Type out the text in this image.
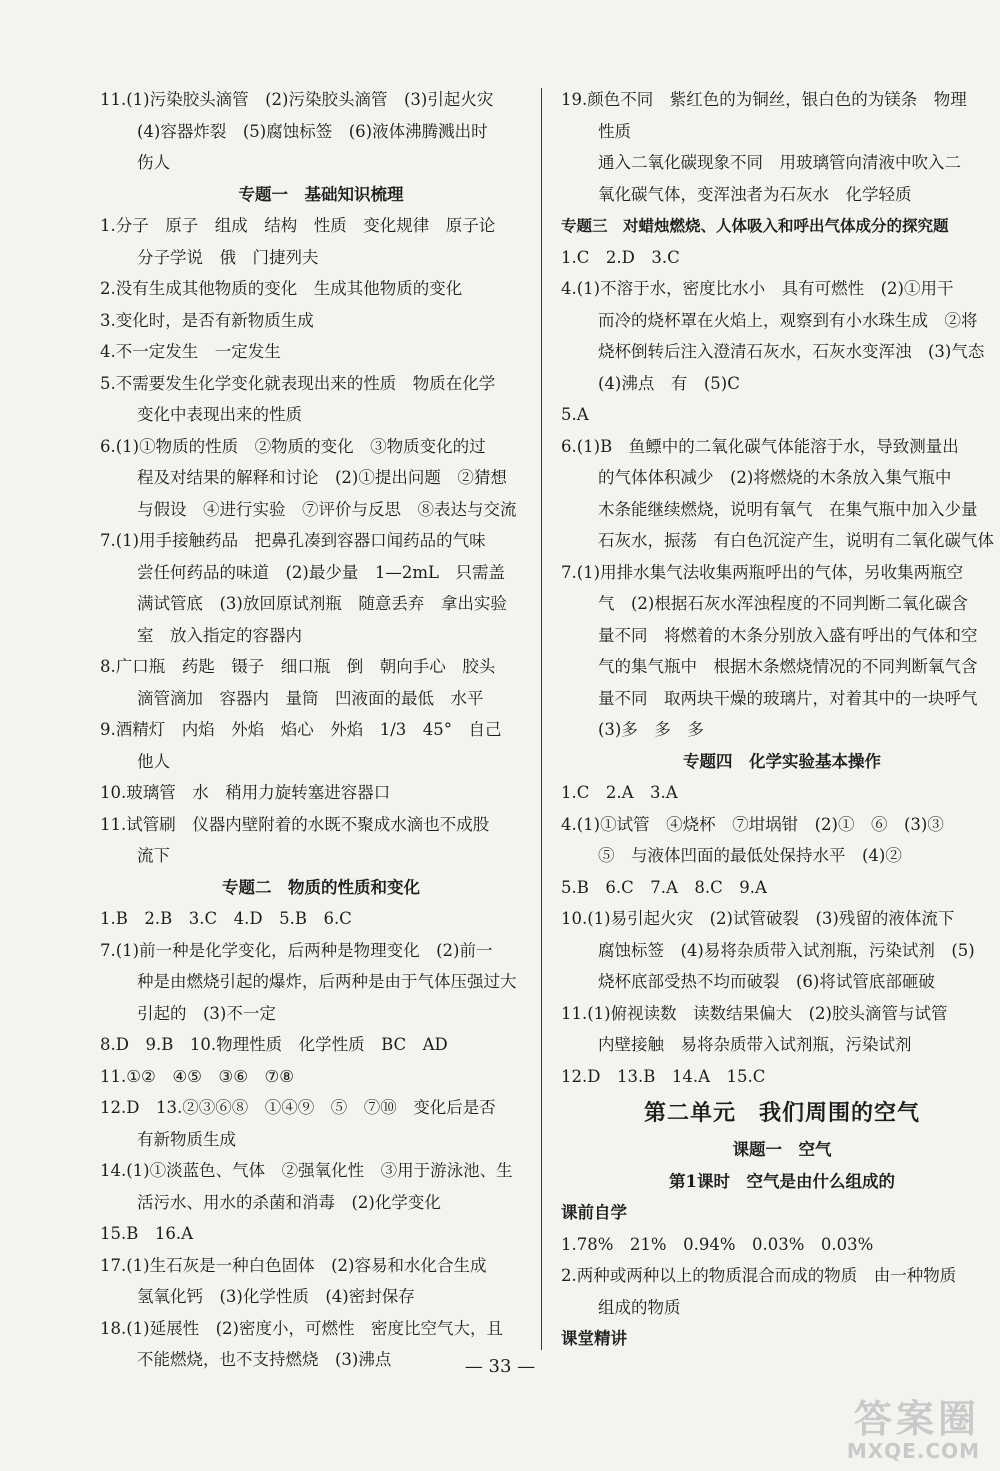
11.(1)污染胶头滴管　(2)污染胶头滴管　(3)引起火灾
(4)容器炸裂　(5)腐蚀标签　(6)液体沸腾溅出时
伤人
专题一　基础知识梳理
1.分子　原子　组成　结构　性质　变化规律　原子论
分子学说　俄　门捷列夫
2.没有生成其他物质的变化　生成其他物质的变化
3.变化时，是否有新物质生成
4.不一定发生　一定发生
5.不需要发生化学变化就表现出来的性质　物质在化学
变化中表现出来的性质
6.(1)①物质的性质　②物质的变化　③物质变化的过
程及对结果的解释和讨论　(2)①提出问题　②猜想
与假设　④进行实验　⑦评价与反思　⑧表达与交流
7.(1)用手接触药品　把鼻孔凑到容器口闻药品的气味
尝任何药品的味道　(2)最少量　1—2mL　只需盖
满试管底　(3)放回原试剂瓶　随意丢弃　拿出实验
室　放入指定的容器内
8.广口瓶　药匙　镊子　细口瓶　倒　朝向手心　胶头
滴管滴加　容器内　量筒　凹液面的最低　水平
9.酒精灯　内焰　外焰　焰心　外焰　1/3　45°　自己
他人
10.玻璃管　水　稍用力旋转塞进容器口
11.试管刷　仪器内壁附着的水既不聚成水滴也不成股
流下
专题二　物质的性质和变化
1.B　2.B　3.C　4.D　5.B　6.C
7.(1)前一种是化学变化，后两种是物理变化　(2)前一
种是由燃烧引起的爆炸，后两种是由于气体压强过大
引起的　(3)不一定
8.D　9.B　10.物理性质　化学性质　BC　AD
11.①②　④⑤　③⑥　⑦⑧
12.D　13.②③⑥⑧　①④⑨　⑤　⑦⑩　变化后是否
有新物质生成
14.(1)①淡蓝色、气体　②强氧化性　③用于游泳池、生
活污水、用水的杀菌和消毒　(2)化学变化
15.B　16.A
17.(1)生石灰是一种白色固体　(2)容易和水化合生成
氢氧化钙　(3)化学性质　(4)密封保存
18.(1)延展性　(2)密度小，可燃性　密度比空气大，且
不能燃烧，也不支持燃烧　(3)沸点
19.颜色不同　紫红色的为铜丝，银白色的为镁条　物理
性质
通入二氧化碳现象不同　用玻璃管向清液中吹入二
氧化碳气体，变浑浊者为石灰水　化学轻质
专题三　对蜡烛燃烧、人体吸入和呼出气体成分的探究题
1.C　2.D　3.C
4.(1)不溶于水，密度比水小　具有可燃性　(2)①用干
而冷的烧杯罩在火焰上，观察到有小水珠生成　②将
烧杯倒转后注入澄清石灰水，石灰水变浑浊　(3)气态
(4)沸点　有　(5)C
5.A
6.(1)B　鱼鳔中的二氧化碳气体能溶于水，导致测量出
的气体体积减少　(2)将燃烧的木条放入集气瓶中
木条能继续燃烧，说明有氧气　在集气瓶中加入少量
石灰水，振荡　有白色沉淀产生，说明有二氧化碳气体
7.(1)用排水集气法收集两瓶呼出的气体，另收集两瓶空
气　(2)根据石灰水浑浊程度的不同判断二氧化碳含
量不同　将燃着的木条分别放入盛有呼出的气体和空
气的集气瓶中　根据木条燃烧情况的不同判断氧气含
量不同　取两块干燥的玻璃片，对着其中的一块呼气
(3)多　多　多
专题四　化学实验基本操作
1.C　2.A　3.A
4.(1)①试管　④烧杯　⑦坩埚钳　(2)①　⑥　(3)③
⑤　与液体凹面的最低处保持水平　(4)②
5.B　6.C　7.A　8.C　9.A
10.(1)易引起火灾　(2)试管破裂　(3)残留的液体流下
腐蚀标签　(4)易将杂质带入试剂瓶，污染试剂　(5)
烧杯底部受热不均而破裂　(6)将试管底部砸破
11.(1)俯视读数　读数结果偏大　(2)胶头滴管与试管
内壁接触　易将杂质带入试剂瓶，污染试剂
12.D　13.B　14.A　15.C
第二单元　我们周围的空气
课题一　空气
第1课时　空气是由什么组成的
课前自学
1.78%　21%　0.94%　0.03%　0.03%
2.两种或两种以上的物质混合而成的物质　由一种物质
组成的物质
课堂精讲
— 33 —
答案圈
MXQE.COM
